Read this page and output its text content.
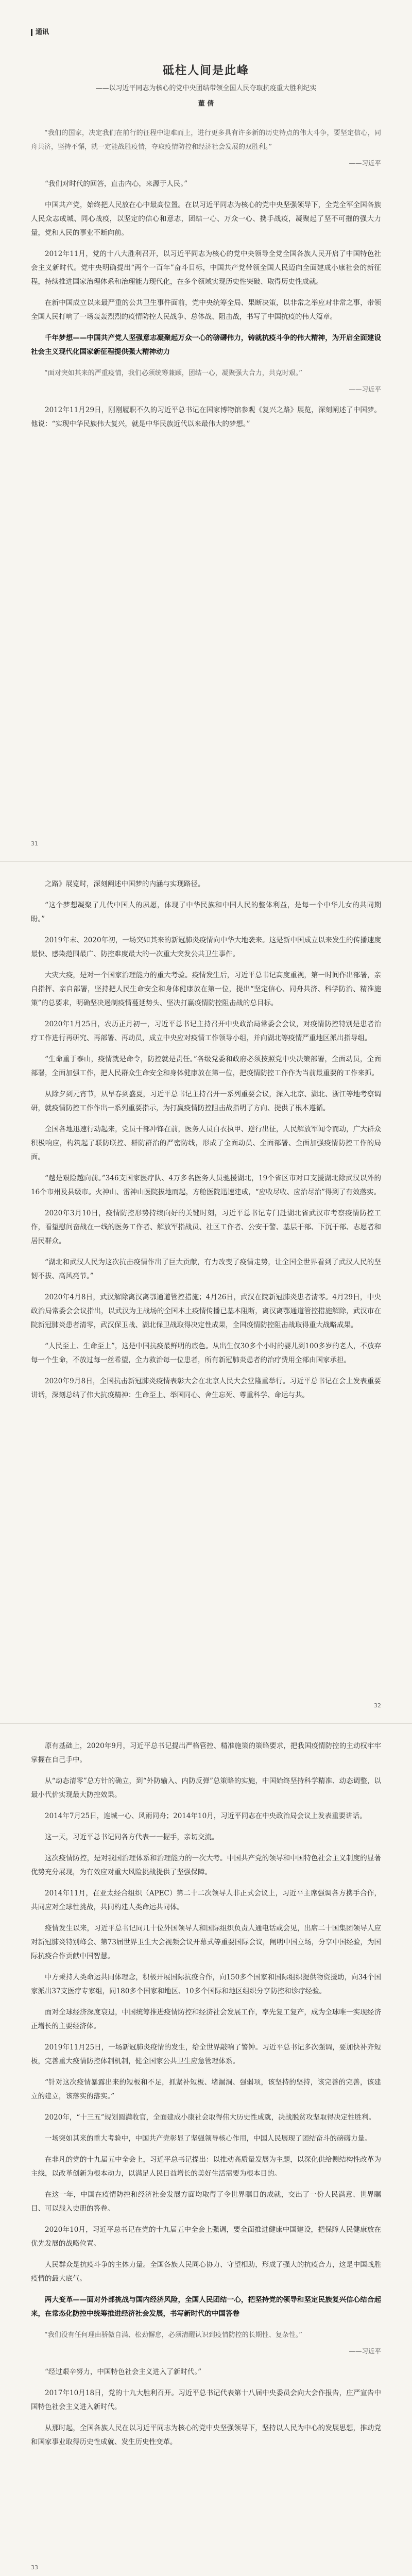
通讯
砥柱人间是此峰
——以习近平同志为核心的党中央团结带领全国人民夺取抗疫重大胜利纪实
董 倩

“我们的国家，决定我们在前行的征程中迎难而上，进行更多具有许多新的历史特点的伟大斗争，要坚定信心，同舟共济，坚持不懈，就一定能战胜疫情，夺取疫情防控和经济社会发展的双胜利。”

——习近平

“我们对时代的回答，直击内心，来源于人民。”

中国共产党，始终把人民放在心中最高位置。在以习近平同志为核心的党中央坚强领导下，全党全军全国各族人民众志成城、同心战疫，以坚定的信心和意志，团结一心、万众一心、携手战疫，凝聚起了坚不可摧的强大力量，党和人民的事业不断向前。

2012年11月，党的十八大胜利召开，以习近平同志为核心的党中央领导全党全国各族人民开启了中国特色社会主义新时代。党中央明确提出“两个一百年”奋斗目标，中国共产党带领全国人民迈向全面建成小康社会的新征程，持续推进国家治理体系和治理能力现代化，在多个领域实现历史性突破、取得历史性成就。

在新中国成立以来最严重的公共卫生事件面前，党中央统筹全局、果断决策，以非常之举应对非常之事，带领全国人民打响了一场轰轰烈烈的疫情防控人民战争、总体战、阻击战，书写了中国抗疫的伟大篇章。

千年梦想——中国共产党人坚强意志凝聚起万众一心的磅礴伟力，铸就抗疫斗争的伟大精神，为开启全面建设社会主义现代化国家新征程提供强大精神动力

“面对突如其来的严重疫情，我们必须统筹兼顾，团结一心，凝聚强大合力，共克时艰。”

——习近平

2012年11月29日，刚刚履职不久的习近平总书记在国家博物馆参观《复兴之路》展览，深刻阐述了中国梦。他说：“实现中华民族伟大复兴，就是中华民族近代以来最伟大的梦想。”

31

之路》展览时，深刻阐述中国梦的内涵与实现路径。

“这个梦想凝聚了几代中国人的夙愿，体现了中华民族和中国人民的整体利益，是每一个中华儿女的共同期盼。”

2019年末、2020年初，一场突如其来的新冠肺炎疫情向中华大地袭来。这是新中国成立以来发生的传播速度最快、感染范围最广、防控难度最大的一次重大突发公共卫生事件。

大灾大疫，是对一个国家治理能力的重大考验。疫情发生后，习近平总书记高度重视，第一时间作出部署，亲自指挥、亲自部署，坚持把人民生命安全和身体健康放在第一位，提出“坚定信心、同舟共济、科学防治、精准施策”的总要求，明确坚决遏制疫情蔓延势头、坚决打赢疫情防控阻击战的总目标。

2020年1月25日，农历正月初一，习近平总书记主持召开中央政治局常委会会议，对疫情防控特别是患者治疗工作进行再研究、再部署、再动员，成立中央应对疫情工作领导小组，并向湖北等疫情严重地区派出指导组。

“生命重于泰山，疫情就是命令，防控就是责任。”各级党委和政府必须按照党中央决策部署，全面动员，全面部署，全面加强工作，把人民群众生命安全和身体健康放在第一位，把疫情防控工作作为当前最重要的工作来抓。

从除夕到元宵节，从早春到盛夏，习近平总书记主持召开一系列重要会议，深入北京、湖北、浙江等地考察调研，就疫情防控工作作出一系列重要指示，为打赢疫情防控阻击战指明了方向、提供了根本遵循。

全国各地迅速行动起来，党员干部冲锋在前，医务人员白衣执甲、逆行出征，人民解放军闻令而动，广大群众积极响应，构筑起了联防联控、群防群治的严密防线，形成了全面动员、全面部署、全面加强疫情防控工作的局面。

“越是艰险越向前。”346支国家医疗队、4万多名医务人员驰援湖北，19个省区市对口支援湖北除武汉以外的16个市州及县级市。火神山、雷神山医院拔地而起，方舱医院迅速建成，“应收尽收、应治尽治”得到了有效落实。

2020年3月10日，疫情防控形势持续向好的关键时刻，习近平总书记专门赴湖北省武汉市考察疫情防控工作，看望慰问奋战在一线的医务工作者、解放军指战员、社区工作者、公安干警、基层干部、下沉干部、志愿者和居民群众。

“湖北和武汉人民为这次抗击疫情作出了巨大贡献，有力改变了疫情走势，让全国全世界看到了武汉人民的坚韧不拔、高风亮节。”

2020年4月8日，武汉解除离汉离鄂通道管控措施；4月26日，武汉在院新冠肺炎患者清零。4月29日，中央政治局常委会会议指出，以武汉为主战场的全国本土疫情传播已基本阻断，离汉离鄂通道管控措施解除，武汉市在院新冠肺炎患者清零，武汉保卫战、湖北保卫战取得决定性成果，全国疫情防控阻击战取得重大战略成果。

“人民至上、生命至上”，这是中国抗疫最鲜明的底色。从出生仅30多个小时的婴儿到100多岁的老人，不放弃每一个生命，不放过每一丝希望，全力救治每一位患者，所有新冠肺炎患者的治疗费用全部由国家承担。

2020年9月8日，全国抗击新冠肺炎疫情表彰大会在北京人民大会堂隆重举行。习近平总书记在会上发表重要讲话，深刻总结了伟大抗疫精神：生命至上、举国同心、舍生忘死、尊重科学、命运与共。

32

原有基础上，2020年9月，习近平总书记提出严格管控、精准施策的策略要求，把我国疫情防控的主动权牢牢掌握在自己手中。

从“动态清零”总方针的确立，到“外防输入、内防反弹”总策略的实施，中国始终坚持科学精准、动态调整，以最小代价实现最大防控效果。

2014年7月25日，连城一心、风雨同舟；2014年10月，习近平同志在中央政治局会议上发表重要讲话。

这一天，习近平总书记同各方代表一一握手，亲切交流。

这次疫情防控，是对我国治理体系和治理能力的一次大考。中国共产党的领导和中国特色社会主义制度的显著优势充分展现，为有效应对重大风险挑战提供了坚强保障。

2014年11月，在亚太经合组织（APEC）第二十二次领导人非正式会议上，习近平主席强调各方携手合作，共同应对全球性挑战，共同构建人类命运共同体。

疫情发生以来，习近平总书记同几十位外国领导人和国际组织负责人通电话或会见，出席二十国集团领导人应对新冠肺炎特别峰会、第73届世界卫生大会视频会议开幕式等重要国际会议，阐明中国立场，分享中国经验，为国际抗疫合作贡献中国智慧。

中方秉持人类命运共同体理念，积极开展国际抗疫合作，向150多个国家和国际组织提供物资援助，向34个国家派出37支医疗专家组，同180多个国家和地区、10多个国际和地区组织分享防控和诊疗经验。

面对全球经济深度衰退，中国统筹推进疫情防控和经济社会发展工作，率先复工复产，成为全球唯一实现经济正增长的主要经济体。

2019年11月25日，一场新冠肺炎疫情的发生，给全世界敲响了警钟。习近平总书记多次强调，要加快补齐短板，完善重大疫情防控体制机制，健全国家公共卫生应急管理体系。

“针对这次疫情暴露出来的短板和不足，抓紧补短板、堵漏洞、强弱项，该坚持的坚持，该完善的完善，该建立的建立，该落实的落实。”

2020年，“十三五”规划圆满收官，全面建成小康社会取得伟大历史性成就，决战脱贫攻坚取得决定性胜利。

一场突如其来的重大考验中，中国共产党彰显了坚强领导核心作用，中国人民展现了团结奋斗的磅礴力量。

在非凡的党的十九届五中全会上，习近平总书记提出：以推动高质量发展为主题，以深化供给侧结构性改革为主线，以改革创新为根本动力，以满足人民日益增长的美好生活需要为根本目的。

在这一年，中国在疫情防控和经济社会发展方面均取得了令世界瞩目的成就，交出了一份人民满意、世界瞩目、可以载入史册的答卷。

2020年10月，习近平总书记在党的十九届五中全会上强调，要全面推进健康中国建设，把保障人民健康放在优先发展的战略位置。

人民群众是抗疫斗争的主体力量。全国各族人民同心协力、守望相助，形成了强大的抗疫合力，这是中国战胜疫情的最大底气。

两大变革——面对外部挑战与国内经济风险，全国人民团结一心，把坚持党的领导和坚定民族复兴信心结合起来，在常态化防控中统筹推进经济社会发展，书写新时代的中国答卷

“我们没有任何理由骄傲自满、松劲懈怠，必须清醒认识到疫情防控的长期性、复杂性。”

——习近平

“经过艰辛努力，中国特色社会主义进入了新时代。”

2017年10月18日，党的十九大胜利召开。习近平总书记代表第十八届中央委员会向大会作报告，庄严宣告中国特色社会主义进入新时代。

从那时起，全国各族人民在以习近平同志为核心的党中央坚强领导下，坚持以人民为中心的发展思想，推动党和国家事业取得历史性成就、发生历史性变革。

33
